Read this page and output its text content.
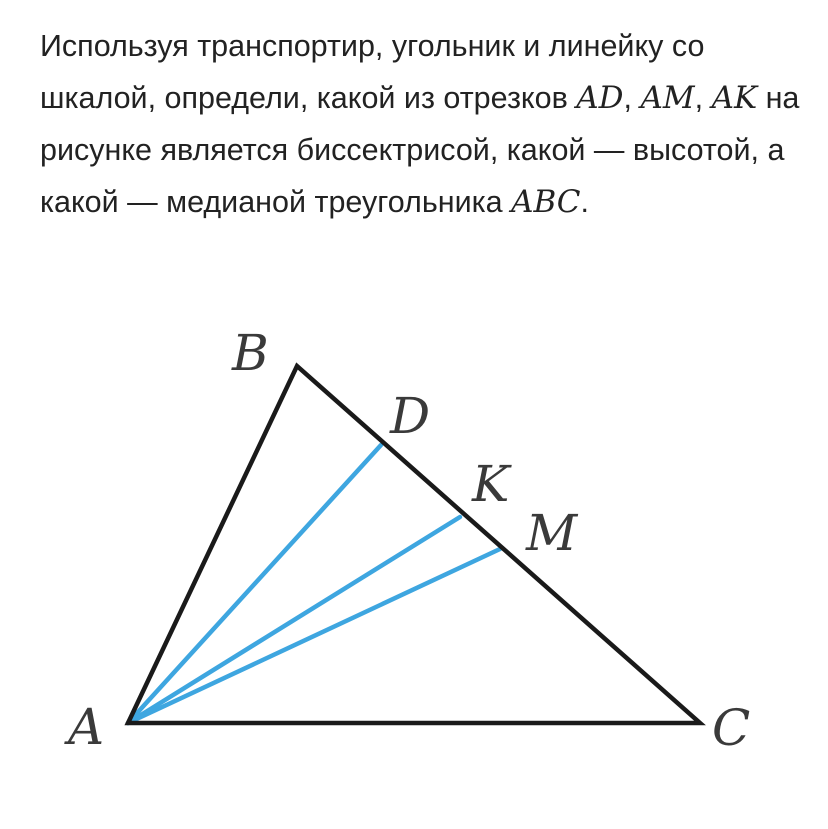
Используя транспортир, угольник и линейку со шкалой, определи, какой из отрезков AD, AM, AK на рисунке является биссектрисой, какой — высотой, а какой — медианой треугольника ABC.

B
D
K
M
A	C
